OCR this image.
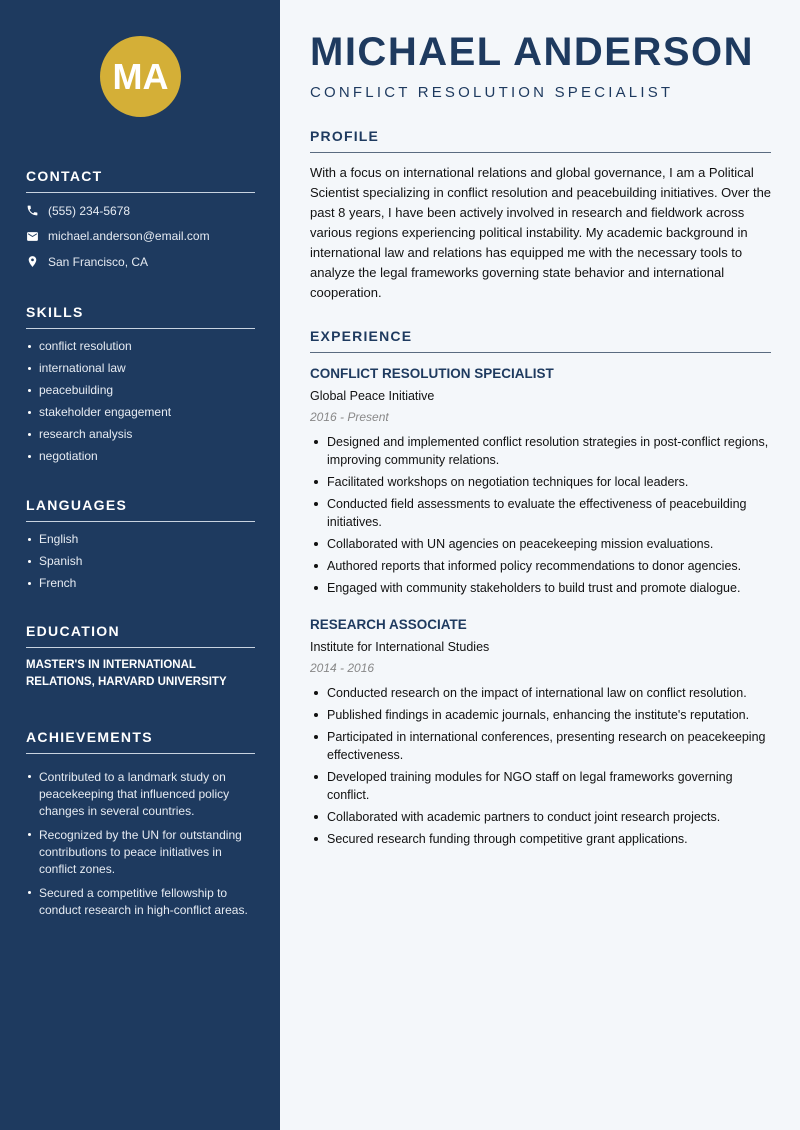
MA
CONTACT
(555) 234-5678
michael.anderson@email.com
San Francisco, CA
SKILLS
conflict resolution
international law
peacebuilding
stakeholder engagement
research analysis
negotiation
LANGUAGES
English
Spanish
French
EDUCATION
MASTER'S IN INTERNATIONAL RELATIONS, HARVARD UNIVERSITY
ACHIEVEMENTS
Contributed to a landmark study on peacekeeping that influenced policy changes in several countries.
Recognized by the UN for outstanding contributions to peace initiatives in conflict zones.
Secured a competitive fellowship to conduct research in high-conflict areas.
MICHAEL ANDERSON
CONFLICT RESOLUTION SPECIALIST
PROFILE
With a focus on international relations and global governance, I am a Political Scientist specializing in conflict resolution and peacebuilding initiatives. Over the past 8 years, I have been actively involved in research and fieldwork across various regions experiencing political instability. My academic background in international law and relations has equipped me with the necessary tools to analyze the legal frameworks governing state behavior and international cooperation.
EXPERIENCE
CONFLICT RESOLUTION SPECIALIST
Global Peace Initiative
2016 - Present
Designed and implemented conflict resolution strategies in post-conflict regions, improving community relations.
Facilitated workshops on negotiation techniques for local leaders.
Conducted field assessments to evaluate the effectiveness of peacebuilding initiatives.
Collaborated with UN agencies on peacekeeping mission evaluations.
Authored reports that informed policy recommendations to donor agencies.
Engaged with community stakeholders to build trust and promote dialogue.
RESEARCH ASSOCIATE
Institute for International Studies
2014 - 2016
Conducted research on the impact of international law on conflict resolution.
Published findings in academic journals, enhancing the institute's reputation.
Participated in international conferences, presenting research on peacekeeping effectiveness.
Developed training modules for NGO staff on legal frameworks governing conflict.
Collaborated with academic partners to conduct joint research projects.
Secured research funding through competitive grant applications.
